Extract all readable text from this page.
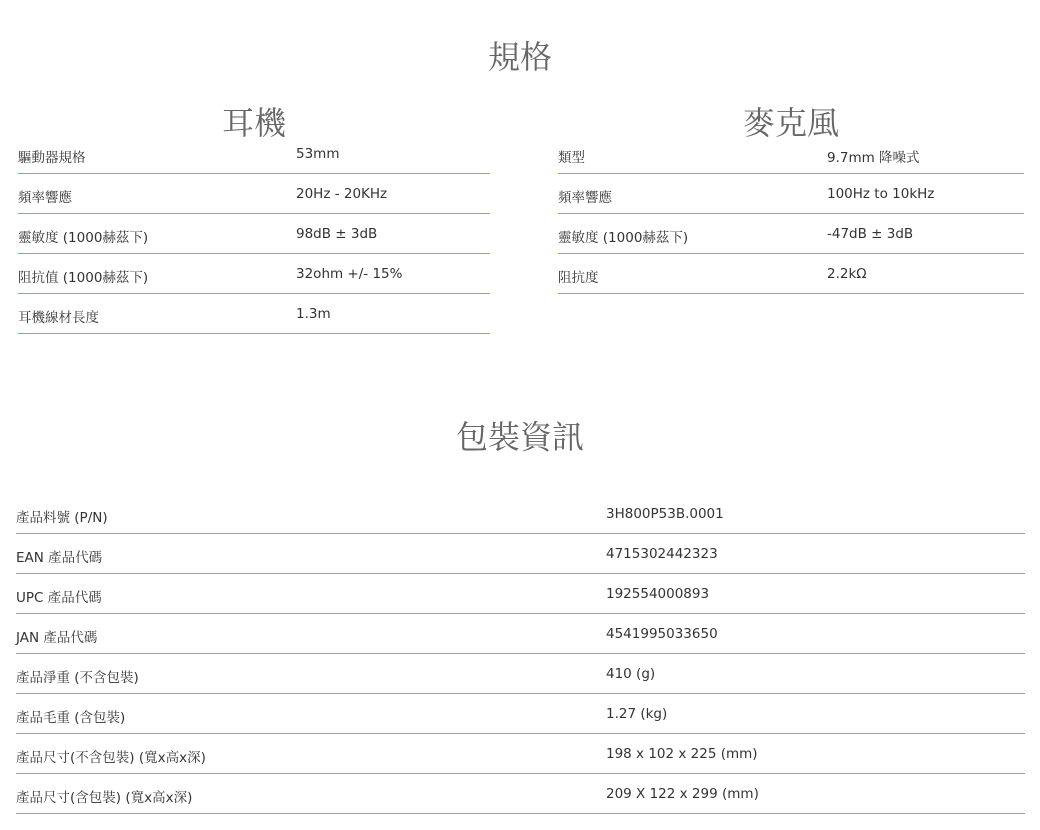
規格
耳機	麥克風
驅動器規格	53mm
頻率響應	20Hz - 20KHz
靈敏度 (1000赫茲下)	98dB ± 3dB
阻抗值 (1000赫茲下)	32ohm +/- 15%
耳機線材長度	1.3m
類型	9.7mm 降噪式
頻率響應	100Hz to 10kHz
靈敏度 (1000赫茲下)	-47dB ± 3dB
阻抗度	2.2kΩ
包裝資訊
產品料號 (P/N)	3H800P53B.0001
EAN 產品代碼	4715302442323
UPC 產品代碼	192554000893
JAN 產品代碼	4541995033650
產品淨重 (不含包裝)	410 (g)
產品毛重 (含包裝)	1.27 (kg)
產品尺寸(不含包裝) (寬x高x深)	198 x 102 x 225 (mm)
產品尺寸(含包裝) (寬x高x深)	209 X 122 x 299 (mm)
